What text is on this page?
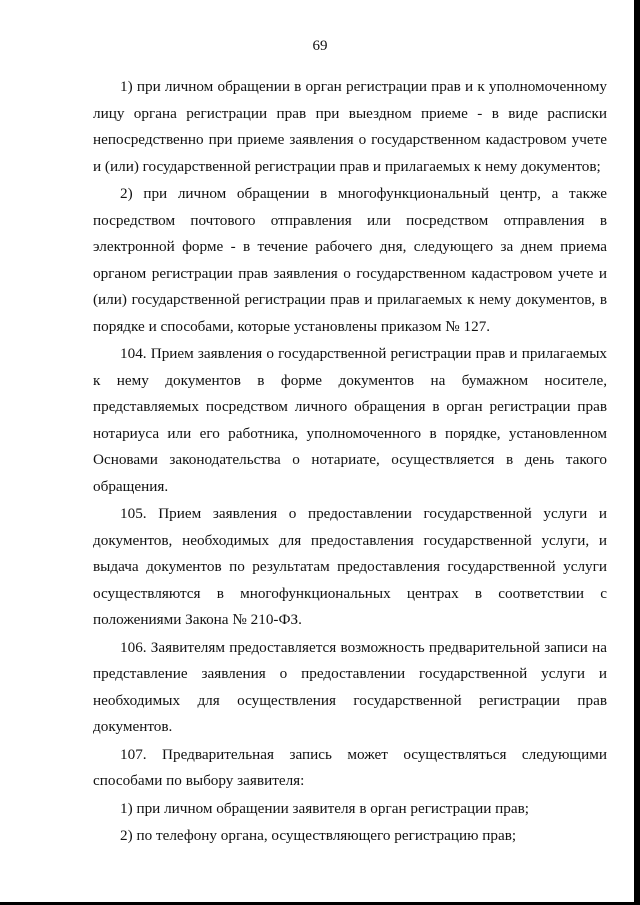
69

1) при личном обращении в орган регистрации прав и к уполномоченному лицу органа регистрации прав при выездном приеме - в виде расписки непосредственно при приеме заявления о государственном кадастровом учете и (или) государственной регистрации прав и прилагаемых к нему документов;

2) при личном обращении в многофункциональный центр, а также посредством почтового отправления или посредством отправления в электронной форме - в течение рабочего дня, следующего за днем приема органом регистрации прав заявления о государственном кадастровом учете и (или) государственной регистрации прав и прилагаемых к нему документов, в порядке и способами, которые установлены приказом № 127.

104. Прием заявления о государственной регистрации прав и прилагаемых к нему документов в форме документов на бумажном носителе, представляемых посредством личного обращения в орган регистрации прав нотариуса или его работника, уполномоченного в порядке, установленном Основами законодательства о нотариате, осуществляется в день такого обращения.

105. Прием заявления о предоставлении государственной услуги и документов, необходимых для предоставления государственной услуги, и выдача документов по результатам предоставления государственной услуги осуществляются в многофункциональных центрах в соответствии с положениями Закона № 210-ФЗ.

106. Заявителям предоставляется возможность предварительной записи на представление заявления о предоставлении государственной услуги и необходимых для осуществления государственной регистрации прав документов.

107. Предварительная запись может осуществляться следующими способами по выбору заявителя:

1) при личном обращении заявителя в орган регистрации прав;

2) по телефону органа, осуществляющего регистрацию прав;
